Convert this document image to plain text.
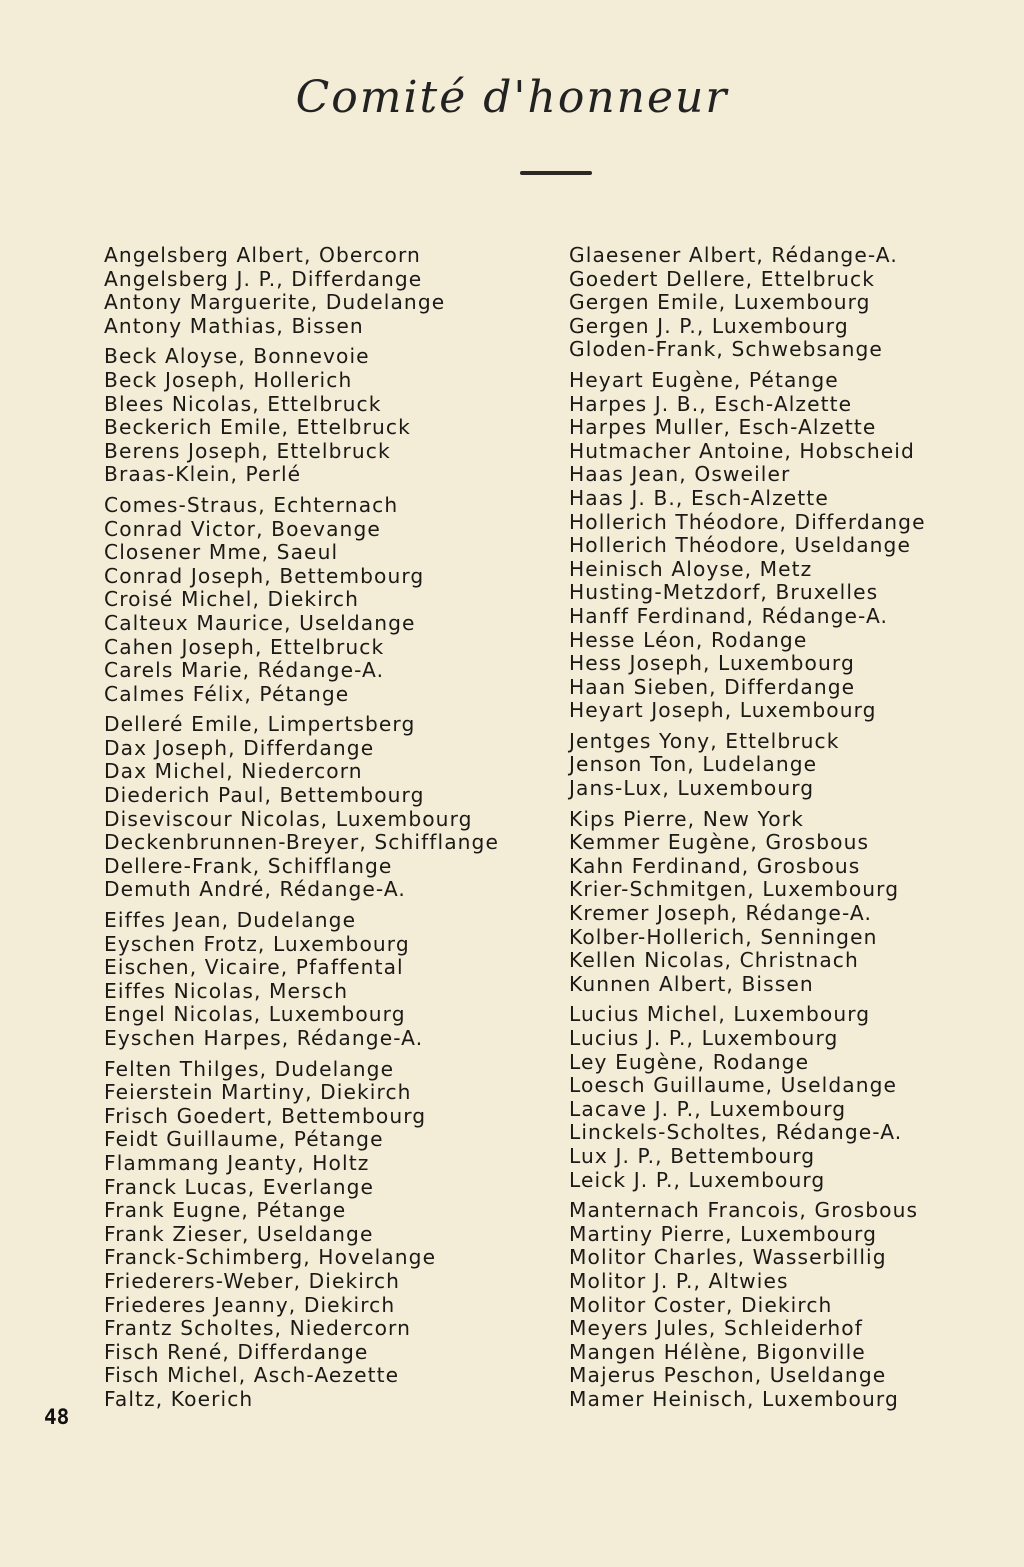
Comité d'honneur
Angelsberg Albert, Obercorn
Angelsberg J. P., Differdange
Antony Marguerite, Dudelange
Antony Mathias, Bissen
Beck Aloyse, Bonnevoie
Beck Joseph, Hollerich
Blees Nicolas, Ettelbruck
Beckerich Emile, Ettelbruck
Berens Joseph, Ettelbruck
Braas-Klein, Perlé
Comes-Straus, Echternach
Conrad Victor, Boevange
Closener Mme, Saeul
Conrad Joseph, Bettembourg
Croisé Michel, Diekirch
Calteux Maurice, Useldange
Cahen Joseph, Ettelbruck
Carels Marie, Rédange-A.
Calmes Félix, Pétange
Delleré Emile, Limpertsberg
Dax Joseph, Differdange
Dax Michel, Niedercorn
Diederich Paul, Bettembourg
Diseviscour Nicolas, Luxembourg
Deckenbrunnen-Breyer, Schifflange
Dellere-Frank, Schifflange
Demuth André, Rédange-A.
Eiffes Jean, Dudelange
Eyschen Frotz, Luxembourg
Eischen, Vicaire, Pfaffental
Eiffes Nicolas, Mersch
Engel Nicolas, Luxembourg
Eyschen Harpes, Rédange-A.
Felten Thilges, Dudelange
Feierstein Martiny, Diekirch
Frisch Goedert, Bettembourg
Feidt Guillaume, Pétange
Flammang Jeanty, Holtz
Franck Lucas, Everlange
Frank Eugne, Pétange
Frank Zieser, Useldange
Franck-Schimberg, Hovelange
Friederers-Weber, Diekirch
Friederes Jeanny, Diekirch
Frantz Scholtes, Niedercorn
Fisch René, Differdange
Fisch Michel, Asch-Aezette
Faltz, Koerich
Glaesener Albert, Rédange-A.
Goedert Dellere, Ettelbruck
Gergen Emile, Luxembourg
Gergen J. P., Luxembourg
Gloden-Frank, Schwebsange
Heyart Eugène, Pétange
Harpes J. B., Esch-Alzette
Harpes Muller, Esch-Alzette
Hutmacher Antoine, Hobscheid
Haas Jean, Osweiler
Haas J. B., Esch-Alzette
Hollerich Théodore, Differdange
Hollerich Théodore, Useldange
Heinisch Aloyse, Metz
Husting-Metzdorf, Bruxelles
Hanff Ferdinand, Rédange-A.
Hesse Léon, Rodange
Hess Joseph, Luxembourg
Haan Sieben, Differdange
Heyart Joseph, Luxembourg
Jentges Yony, Ettelbruck
Jenson Ton, Ludelange
Jans-Lux, Luxembourg
Kips Pierre, New York
Kemmer Eugène, Grosbous
Kahn Ferdinand, Grosbous
Krier-Schmitgen, Luxembourg
Kremer Joseph, Rédange-A.
Kolber-Hollerich, Senningen
Kellen Nicolas, Christnach
Kunnen Albert, Bissen
Lucius Michel, Luxembourg
Lucius J. P., Luxembourg
Ley Eugène, Rodange
Loesch Guillaume, Useldange
Lacave J. P., Luxembourg
Linckels-Scholtes, Rédange-A.
Lux J. P., Bettembourg
Leick J. P., Luxembourg
Manternach Francois, Grosbous
Martiny Pierre, Luxembourg
Molitor Charles, Wasserbillig
Molitor J. P., Altwies
Molitor Coster, Diekirch
Meyers Jules, Schleiderhof
Mangen Hélène, Bigonville
Majerus Peschon, Useldange
Mamer Heinisch, Luxembourg
48
